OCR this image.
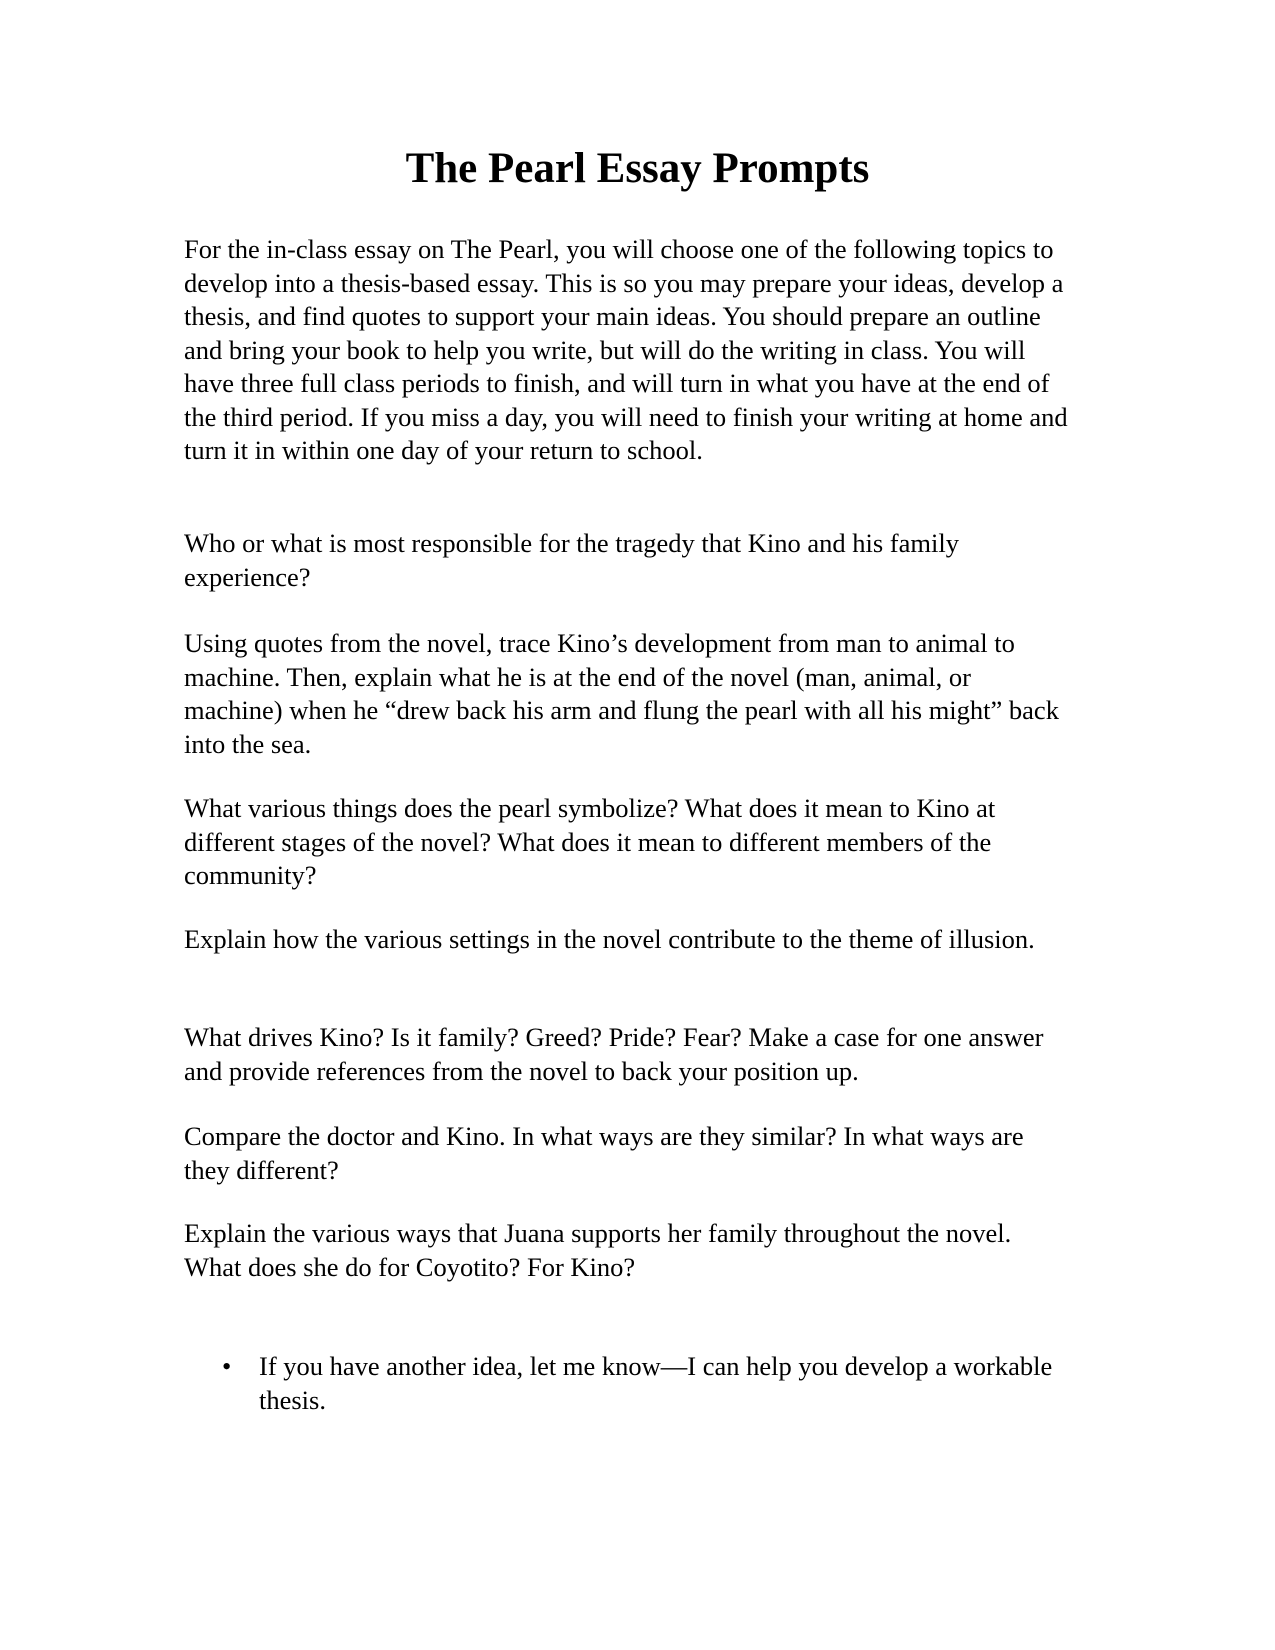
The Pearl Essay Prompts

For the in-class essay on The Pearl, you will choose one of the following topics to develop into a thesis-based essay. This is so you may prepare your ideas, develop a thesis, and find quotes to support your main ideas. You should prepare an outline and bring your book to help you write, but will do the writing in class. You will have three full class periods to finish, and will turn in what you have at the end of the third period. If you miss a day, you will need to finish your writing at home and turn it in within one day of your return to school.

Who or what is most responsible for the tragedy that Kino and his family experience?

Using quotes from the novel, trace Kino’s development from man to animal to machine. Then, explain what he is at the end of the novel (man, animal, or machine) when he “drew back his arm and flung the pearl with all his might” back into the sea.

What various things does the pearl symbolize? What does it mean to Kino at different stages of the novel? What does it mean to different members of the community?

Explain how the various settings in the novel contribute to the theme of illusion.

What drives Kino? Is it family? Greed? Pride? Fear? Make a case for one answer and provide references from the novel to back your position up.

Compare the doctor and Kino. In what ways are they similar? In what ways are they different?

Explain the various ways that Juana supports her family throughout the novel. What does she do for Coyotito? For Kino?

• If you have another idea, let me know—I can help you develop a workable thesis.
